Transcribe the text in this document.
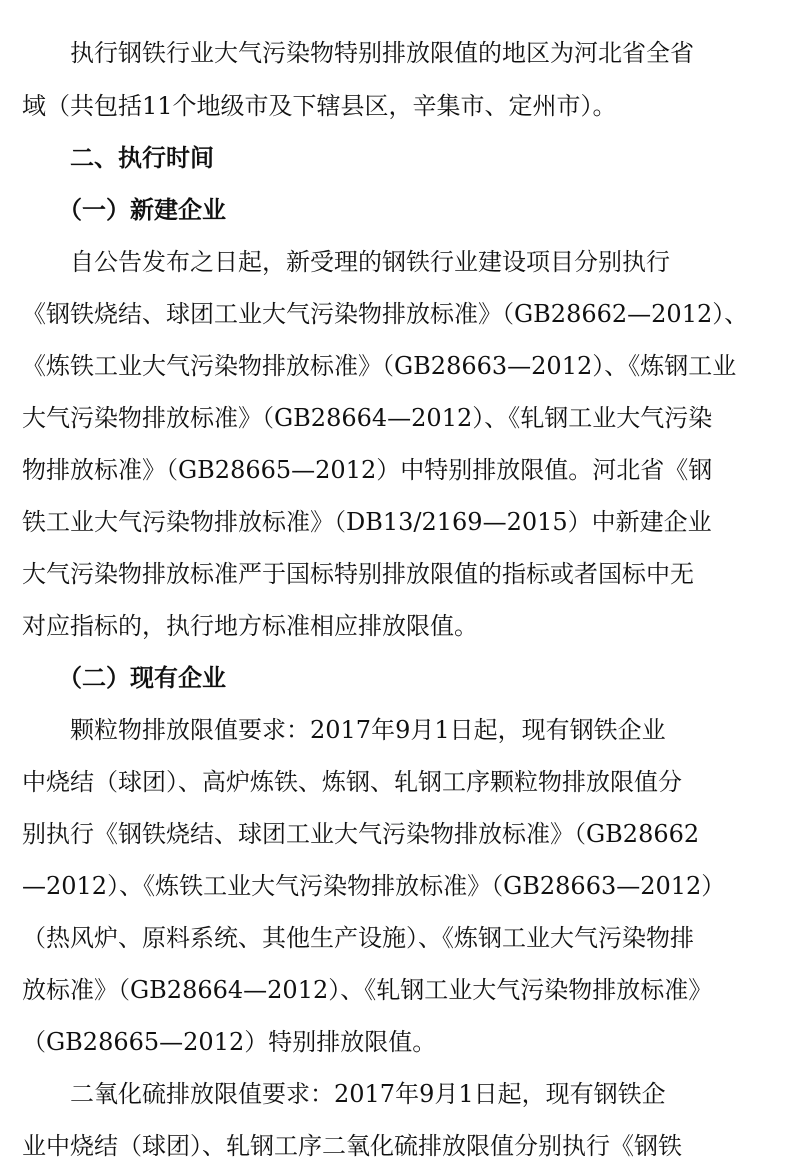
　　执行钢铁行业大气污染物特别排放限值的地区为河北省全省
域（共包括11个地级市及下辖县区，辛集市、定州市）。
　　二、执行时间
　　（一）新建企业
　　自公告发布之日起，新受理的钢铁行业建设项目分别执行
《钢铁烧结、球团工业大气污染物排放标准》（GB28662—2012）、
《炼铁工业大气污染物排放标准》（GB28663—2012）、《炼钢工业
大气污染物排放标准》（GB28664—2012）、《轧钢工业大气污染
物排放标准》（GB28665—2012）中特别排放限值。河北省《钢
铁工业大气污染物排放标准》（DB13/2169—2015）中新建企业
大气污染物排放标准严于国标特别排放限值的指标或者国标中无
对应指标的，执行地方标准相应排放限值。
　　（二）现有企业
　　颗粒物排放限值要求：2017年9月1日起，现有钢铁企业
中烧结（球团）、高炉炼铁、炼钢、轧钢工序颗粒物排放限值分
别执行《钢铁烧结、球团工业大气污染物排放标准》（GB28662
—2012）、《炼铁工业大气污染物排放标准》（GB28663—2012）
（热风炉、原料系统、其他生产设施）、《炼钢工业大气污染物排
放标准》（GB28664—2012）、《轧钢工业大气污染物排放标准》
（GB28665—2012）特别排放限值。
　　二氧化硫排放限值要求：2017年9月1日起，现有钢铁企
业中烧结（球团）、轧钢工序二氧化硫排放限值分别执行《钢铁
